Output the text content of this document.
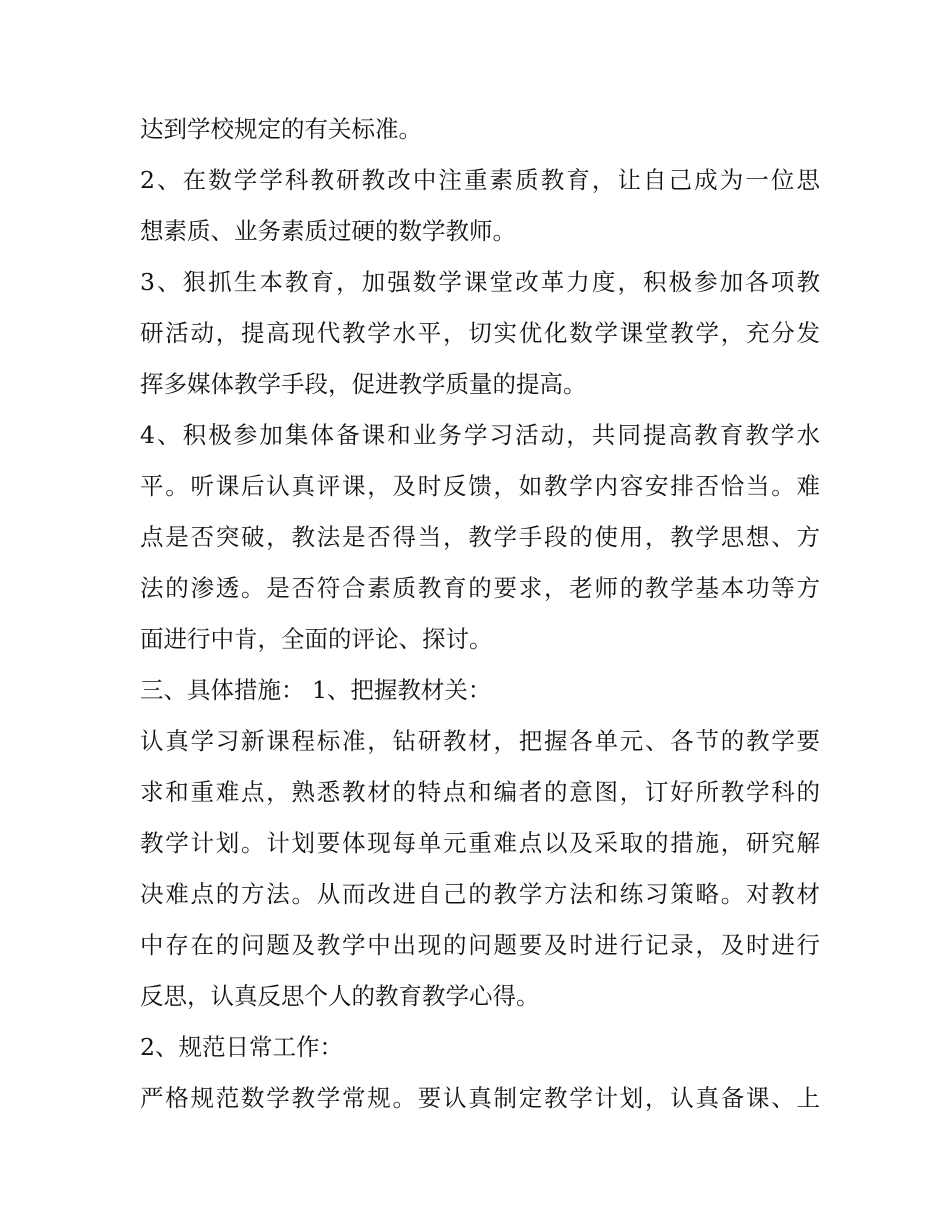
达到学校规定的有关标准。
2、在数学学科教研教改中注重素质教育，让自己成为一位思
想素质、业务素质过硬的数学教师。
3、狠抓生本教育，加强数学课堂改革力度，积极参加各项教
研活动，提高现代教学水平，切实优化数学课堂教学，充分发
挥多媒体教学手段，促进教学质量的提高。
4、积极参加集体备课和业务学习活动，共同提高教育教学水
平。听课后认真评课，及时反馈，如教学内容安排否恰当。难
点是否突破，教法是否得当，教学手段的使用，教学思想、方
法的渗透。是否符合素质教育的要求，老师的教学基本功等方
面进行中肯，全面的评论、探讨。
三、具体措施： 1、把握教材关：
认真学习新课程标准，钻研教材，把握各单元、各节的教学要
求和重难点，熟悉教材的特点和编者的意图，订好所教学科的
教学计划。计划要体现每单元重难点以及采取的措施，研究解
决难点的方法。从而改进自己的教学方法和练习策略。对教材
中存在的问题及教学中出现的问题要及时进行记录，及时进行
反思，认真反思个人的教育教学心得。
2、规范日常工作：
严格规范数学教学常规。要认真制定教学计划，认真备课、上
